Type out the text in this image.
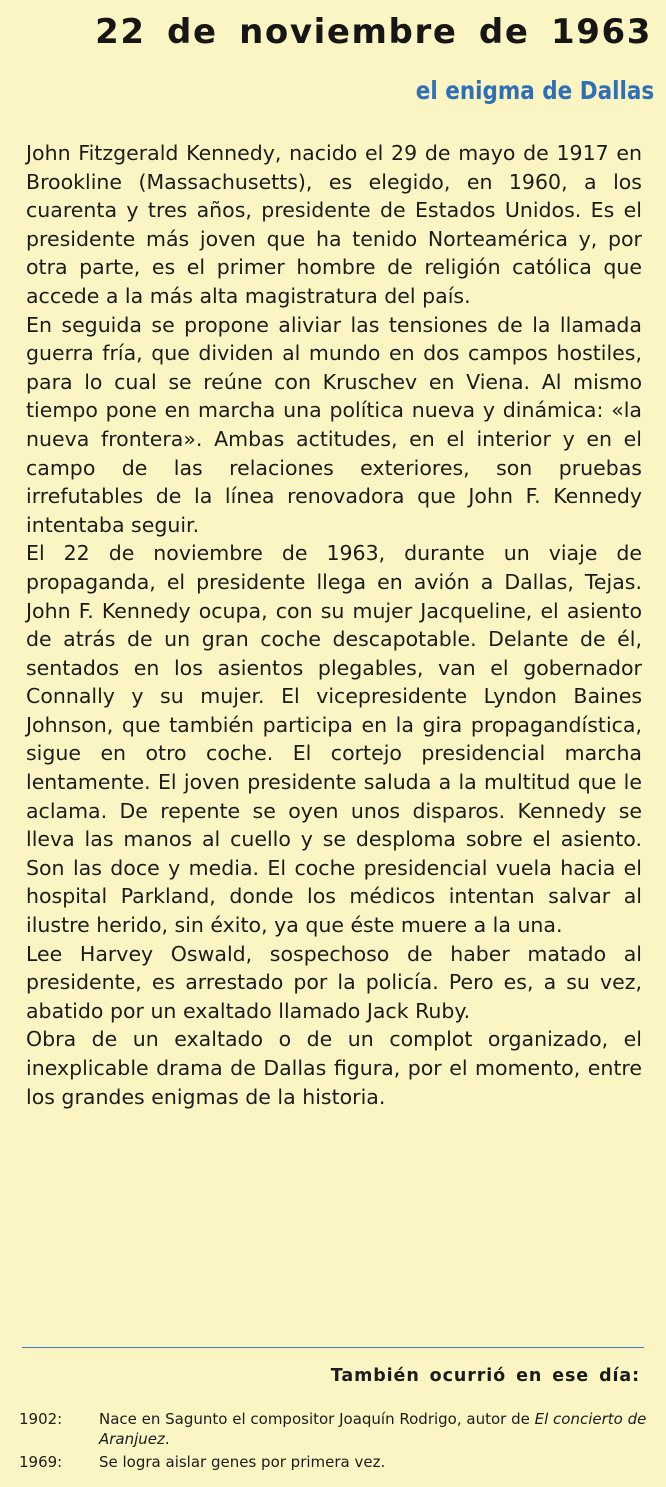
22 de noviembre de 1963
el enigma de Dallas

John Fitzgerald Kennedy, nacido el 29 de mayo de 1917 en Brookline (Massachusetts), es elegido, en 1960, a los cuarenta y tres años, presidente de Estados Unidos. Es el presidente más joven que ha tenido Norteamérica y, por otra parte, es el primer hombre de religión católica que accede a la más alta magistratura del país.

En seguida se propone aliviar las tensiones de la llamada guerra fría, que dividen al mundo en dos campos hostiles, para lo cual se reúne con Kruschev en Viena. Al mismo tiempo pone en marcha una política nueva y dinámica: «la nueva frontera». Ambas actitudes, en el interior y en el campo de las relaciones exteriores, son pruebas irrefutables de la línea renovadora que John F. Kennedy intentaba seguir.

El 22 de noviembre de 1963, durante un viaje de propaganda, el presidente llega en avión a Dallas, Tejas. John F. Kennedy ocupa, con su mujer Jacqueline, el asiento de atrás de un gran coche descapotable. Delante de él, sentados en los asientos plegables, van el gobernador Connally y su mujer. El vicepresidente Lyndon Baines Johnson, que también participa en la gira propagandística, sigue en otro coche. El cortejo presidencial marcha lentamente. El joven presidente saluda a la multitud que le aclama. De repente se oyen unos disparos. Kennedy se lleva las manos al cuello y se desploma sobre el asiento. Son las doce y media. El coche presidencial vuela hacia el hospital Parkland, donde los médicos intentan salvar al ilustre herido, sin éxito, ya que éste muere a la una.

Lee Harvey Oswald, sospechoso de haber matado al presidente, es arrestado por la policía. Pero es, a su vez, abatido por un exaltado llamado Jack Ruby.

Obra de un exaltado o de un complot organizado, el inexplicable drama de Dallas figura, por el momento, entre los grandes enigmas de la historia.

También ocurrió en ese día:
1902:	Nace en Sagunto el compositor Joaquín Rodrigo, autor de El concierto de Aranjuez.
1969:	Se logra aislar genes por primera vez.
